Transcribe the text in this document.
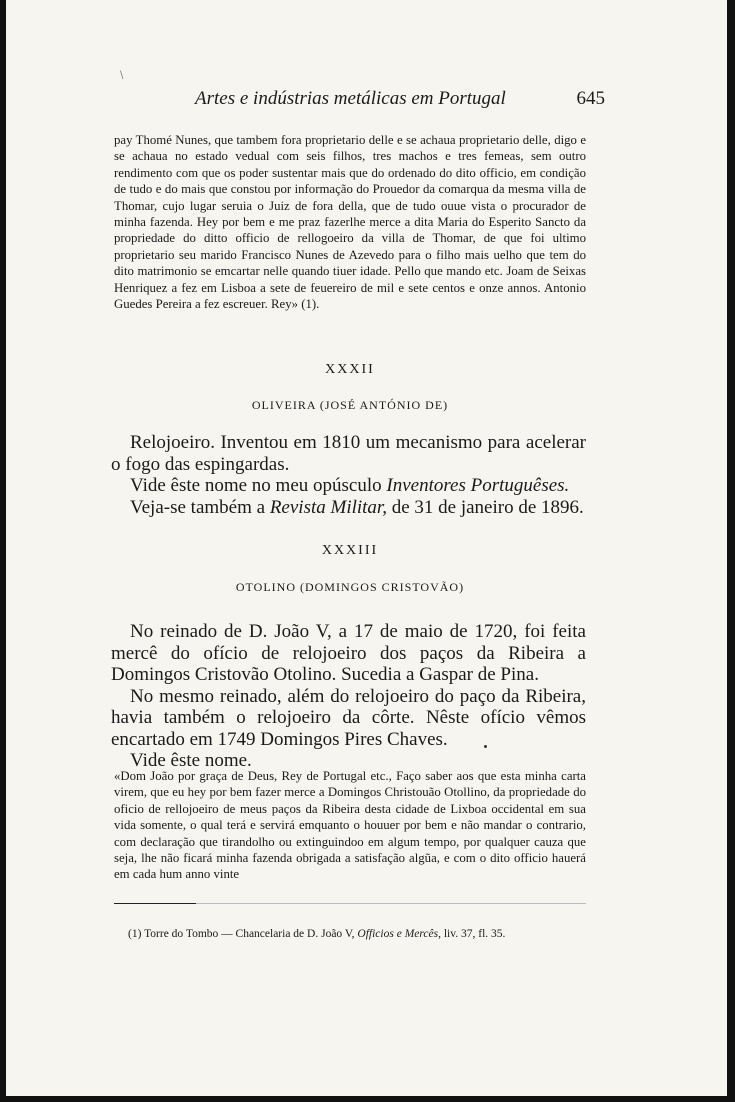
\
Artes e indústrias metálicas em Portugal	645

pay Thomé Nunes, que tambem fora proprietario delle e se achaua proprietario delle, digo e se achaua no estado vedual com seis filhos, tres machos e tres femeas, sem outro rendimento com que os poder sustentar mais que do ordenado do dito officio, em condição de tudo e do mais que constou por informação do Prouedor da comarqua da mesma villa de Thomar, cujo lugar seruia o Juiz de fora della, que de tudo ouue vista o procurador de minha fazenda. Hey por bem e me praz fazerlhe merce a dita Maria do Esperito Sancto da propriedade do ditto officio de rellogoeiro da villa de Thomar, de que foi ultimo proprietario seu marido Francisco Nunes de Azevedo para o filho mais uelho que tem do dito matrimonio se emcartar nelle quando tiuer idade. Pello que mando etc. Joam de Seixas Henriquez a fez em Lisboa a sete de feuereiro de mil e sete centos e onze annos. Antonio Guedes Pereira a fez escreuer. Rey» (1).

XXXII
OLIVEIRA (JOSÉ ANTÓNIO DE)

Relojoeiro. Inventou em 1810 um mecanismo para acelerar o fogo das espingardas.

Vide êste nome no meu opúsculo Inventores Portuguêses.

Veja-se também a Revista Militar, de 31 de janeiro de 1896.

XXXIII
OTOLINO (DOMINGOS CRISTOVÃO)

No reinado de D. João V, a 17 de maio de 1720, foi feita mercê do ofício de relojoeiro dos paços da Ribeira a Domingos Cristovão Otolino. Sucedia a Gaspar de Pina.

No mesmo reinado, além do relojoeiro do paço da Ribeira, havia também o relojoeiro da côrte. Nêste ofício vêmos encartado em 1749 Domingos Pires Chaves.

Vide êste nome.

«Dom João por graça de Deus, Rey de Portugal etc., Faço saber aos que esta minha carta virem, que eu hey por bem fazer merce a Domingos Christouão Otollino, da propriedade do oficio de rellojoeiro de meus paços da Ribeira desta cidade de Lixboa occidental em sua vida somente, o qual terá e servirá emquanto o houuer por bem e não mandar o contrario, com declaração que tirandolho ou extinguindoo em algum tempo, por qualquer cauza que seja, lhe não ficará minha fazenda obrigada a satisfação algũa, e com o dito officio hauerá em cada hum anno vinte

(1) Torre do Tombo — Chancelaria de D. João V, Officios e Mercês, liv. 37, fl. 35.
